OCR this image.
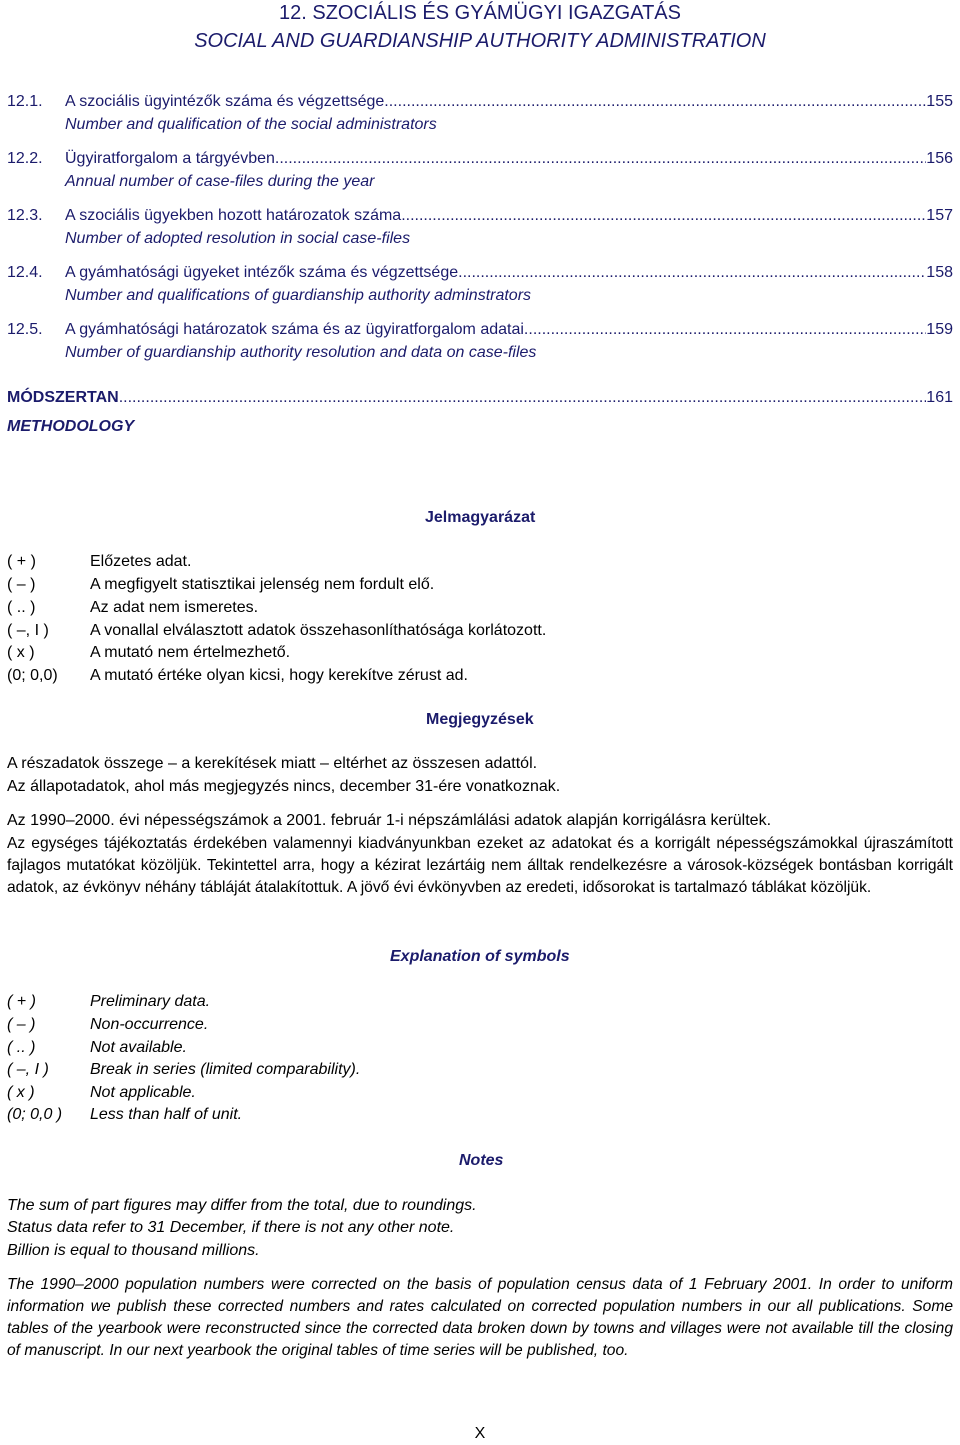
12. SZOCIÁLIS ÉS GYÁMÜGYI IGAZGATÁS
SOCIAL AND GUARDIANSHIP AUTHORITY ADMINISTRATION
12.1. A szociális ügyintézők száma és végzettsége .....	155
Number and qualification of the social administrators
12.2. Ügyiratforgalom a tárgyévben .....	156
Annual number of case-files during the year
12.3. A szociális ügyekben hozott határozatok száma .....	157
Number of adopted resolution in social case-files
12.4. A gyámhatósági ügyeket intézők száma és végzettsége .....	158
Number and qualifications of guardianship authority adminstrators
12.5. A gyámhatósági határozatok száma és az ügyiratforgalom adatai .....	159
Number of guardianship authority resolution and data on case-files
MÓDSZERTAN .....	161
METHODOLOGY
Jelmagyarázat
( + )	Előzetes adat.
( – )	A megfigyelt statisztikai jelenség nem fordult elő.
( .. )	Az adat nem ismeretes.
( –, I )	A vonallal elválasztott adatok összehasonlíthatósága korlátozott.
( x )	A mutató nem értelmezhető.
(0; 0,0) A mutató értéke olyan kicsi, hogy kerekítve zérust ad.
Megjegyzések
A részadatok összege – a kerekítések miatt – eltérhet az összesen adattól.
Az állapotadatok, ahol más megjegyzés nincs, december 31-ére vonatkoznak.
Az 1990–2000. évi népességszámok a 2001. február 1-i népszámlálási adatok alapján korrigálásra kerültek.
Az egységes tájékoztatás érdekében valamennyi kiadványunkban ezeket az adatokat és a korrigált népességszámokkal újraszámított fajlagos mutatókat közöljük. Tekintettel arra, hogy a kézirat lezártáig nem álltak rendelkezésre a városok-községek bontásban korrigált adatok, az évkönyv néhány tábláját átalakítottuk. A jövő évi évkönyvben az eredeti, idősorokat is tartalmazó táblákat közöljük.
Explanation of symbols
( + )	Preliminary data.
( – )	Non-occurrence.
( .. )	Not available.
( –, I )	Break in series (limited comparability).
( x )	Not applicable.
(0; 0,0 ) Less than half of unit.
Notes
The sum of part figures may differ from the total, due to roundings.
Status data refer to 31 December, if there is not any other note.
Billion is equal to thousand millions.
The 1990–2000 population numbers were corrected on the basis of population census data of 1 February 2001. In order to uniform information we publish these corrected numbers and rates calculated on corrected population numbers in our all publications. Some tables of the yearbook were reconstructed since the corrected data broken down by towns and villages were not available till the closing of manuscript. In our next yearbook the original tables of time series will be published, too.
X
